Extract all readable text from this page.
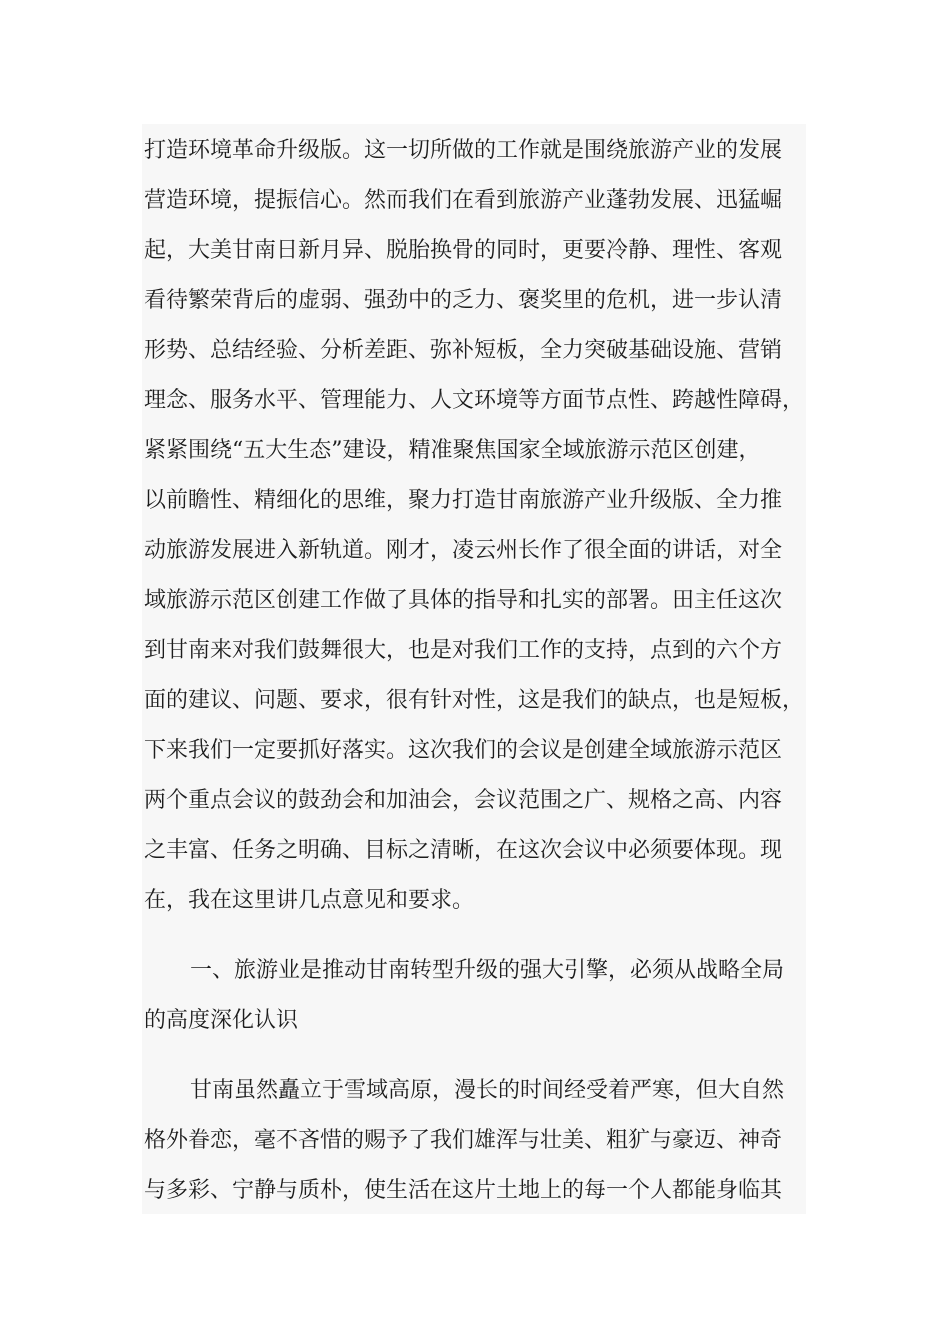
打造环境革命升级版。这一切所做的工作就是围绕旅游产业的发展
营造环境，提振信心。然而我们在看到旅游产业蓬勃发展、迅猛崛
起，大美甘南日新月异、脱胎换骨的同时，更要冷静、理性、客观
看待繁荣背后的虚弱、强劲中的乏力、褒奖里的危机，进一步认清
形势、总结经验、分析差距、弥补短板，全力突破基础设施、营销
理念、服务水平、管理能力、人文环境等方面节点性、跨越性障碍，
紧紧围绕“五大生态”建设，精准聚焦国家全域旅游示范区创建，
以前瞻性、精细化的思维，聚力打造甘南旅游产业升级版、全力推
动旅游发展进入新轨道。刚才，凌云州长作了很全面的讲话，对全
域旅游示范区创建工作做了具体的指导和扎实的部署。田主任这次
到甘南来对我们鼓舞很大，也是对我们工作的支持，点到的六个方
面的建议、问题、要求，很有针对性，这是我们的缺点，也是短板，
下来我们一定要抓好落实。这次我们的会议是创建全域旅游示范区
两个重点会议的鼓劲会和加油会，会议范围之广、规格之高、内容
之丰富、任务之明确、目标之清晰，在这次会议中必须要体现。现
在，我在这里讲几点意见和要求。
一、旅游业是推动甘南转型升级的强大引擎，必须从战略全局
的高度深化认识
甘南虽然矗立于雪域高原，漫长的时间经受着严寒，但大自然
格外眷恋，毫不吝惜的赐予了我们雄浑与壮美、粗犷与豪迈、神奇
与多彩、宁静与质朴，使生活在这片土地上的每一个人都能身临其
